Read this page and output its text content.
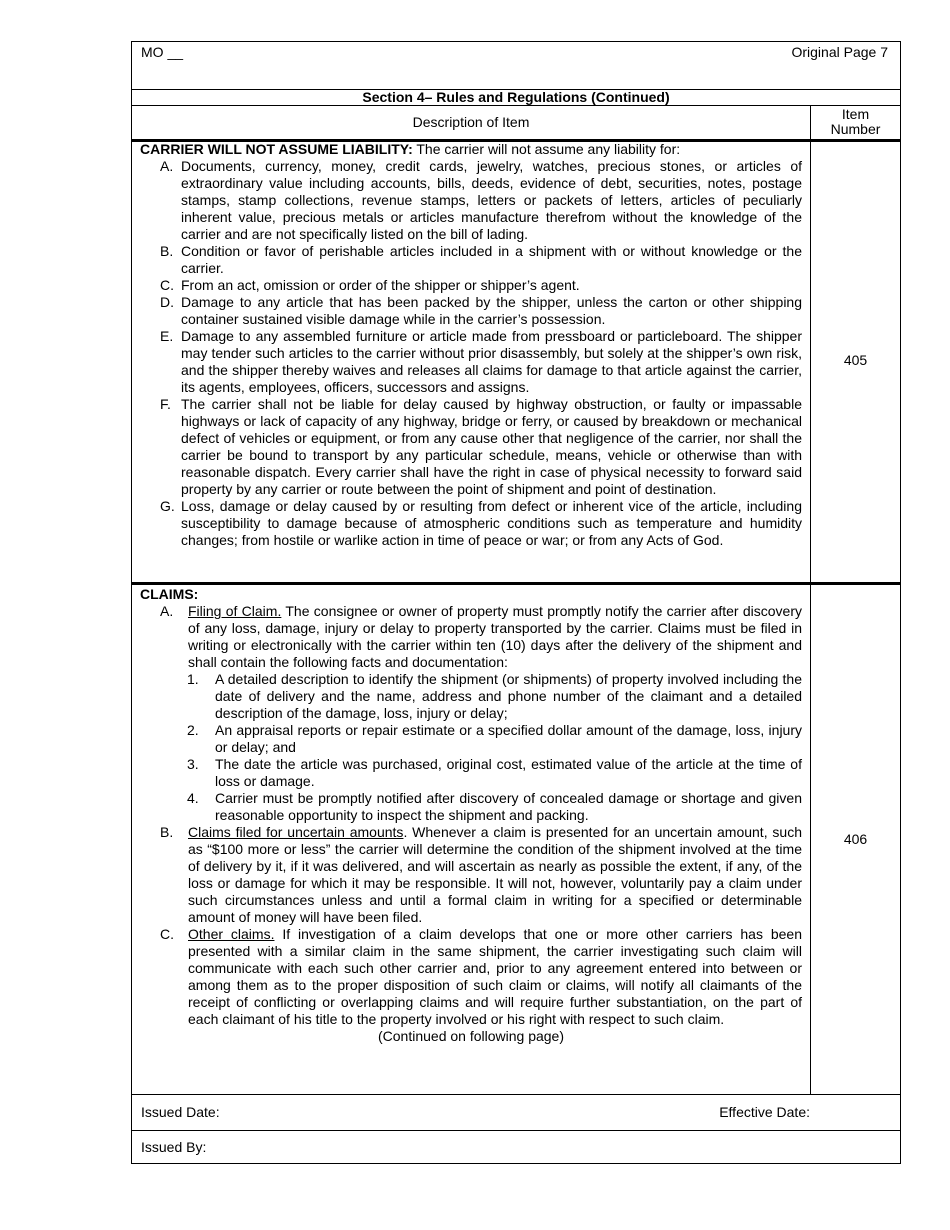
MO __	Original Page 7
Section 4– Rules and Regulations (Continued)
Description of Item	Item
Number
CARRIER WILL NOT ASSUME LIABILITY: The carrier will not assume any liability for:
A. Documents, currency, money, credit cards, jewelry, watches, precious stones, or articles of extraordinary value including accounts, bills, deeds, evidence of debt, securities, notes, postage stamps, stamp collections, revenue stamps, letters or packets of letters, articles of peculiarly inherent value, precious metals or articles manufacture therefrom without the knowledge of the carrier and are not specifically listed on the bill of lading.
B. Condition or favor of perishable articles included in a shipment with or without knowledge or the carrier.
C. From an act, omission or order of the shipper or shipper’s agent.
D. Damage to any article that has been packed by the shipper, unless the carton or other shipping container sustained visible damage while in the carrier’s possession.
E. Damage to any assembled furniture or article made from pressboard or particleboard. The shipper may tender such articles to the carrier without prior disassembly, but solely at the shipper’s own risk, and the shipper thereby waives and releases all claims for damage to that article against the carrier, its agents, employees, officers, successors and assigns.
F. The carrier shall not be liable for delay caused by highway obstruction, or faulty or impassable highways or lack of capacity of any highway, bridge or ferry, or caused by breakdown or mechanical defect of vehicles or equipment, or from any cause other that negligence of the carrier, nor shall the carrier be bound to transport by any particular schedule, means, vehicle or otherwise than with reasonable dispatch. Every carrier shall have the right in case of physical necessity to forward said property by any carrier or route between the point of shipment and point of destination.
G. Loss, damage or delay caused by or resulting from defect or inherent vice of the article, including susceptibility to damage because of atmospheric conditions such as temperature and humidity changes; from hostile or warlike action in time of peace or war; or from any Acts of God.
405
CLAIMS:
A.	Filing of Claim. The consignee or owner of property must promptly notify the carrier after discovery of any loss, damage, injury or delay to property transported by the carrier. Claims must be filed in writing or electronically with the carrier within ten (10) days after the delivery of the shipment and shall contain the following facts and documentation:
1.	A detailed description to identify the shipment (or shipments) of property involved including the date of delivery and the name, address and phone number of the claimant and a detailed description of the damage, loss, injury or delay;
2.	An appraisal reports or repair estimate or a specified dollar amount of the damage, loss, injury or delay; and
3.	The date the article was purchased, original cost, estimated value of the article at the time of loss or damage.
4.	Carrier must be promptly notified after discovery of concealed damage or shortage and given reasonable opportunity to inspect the shipment and packing.
B.	Claims filed for uncertain amounts. Whenever a claim is presented for an uncertain amount, such as “$100 more or less” the carrier will determine the condition of the shipment involved at the time of delivery by it, if it was delivered, and will ascertain as nearly as possible the extent, if any, of the loss or damage for which it may be responsible. It will not, however, voluntarily pay a claim under such circumstances unless and until a formal claim in writing for a specified or determinable amount of money will have been filed.
C.	Other claims. If investigation of a claim develops that one or more other carriers has been presented with a similar claim in the same shipment, the carrier investigating such claim will communicate with each such other carrier and, prior to any agreement entered into between or among them as to the proper disposition of such claim or claims, will notify all claimants of the receipt of conflicting or overlapping claims and will require further substantiation, on the part of each claimant of his title to the property involved or his right with respect to such claim.
(Continued on following page)
406
Issued Date:	Effective Date:
Issued By:
